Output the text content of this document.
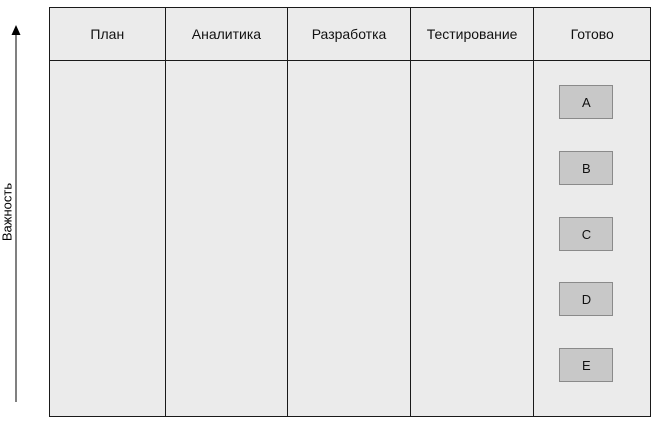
Важность
План	Аналитика	Разработка	Тестирование	Готово
A
B
C
D
E
